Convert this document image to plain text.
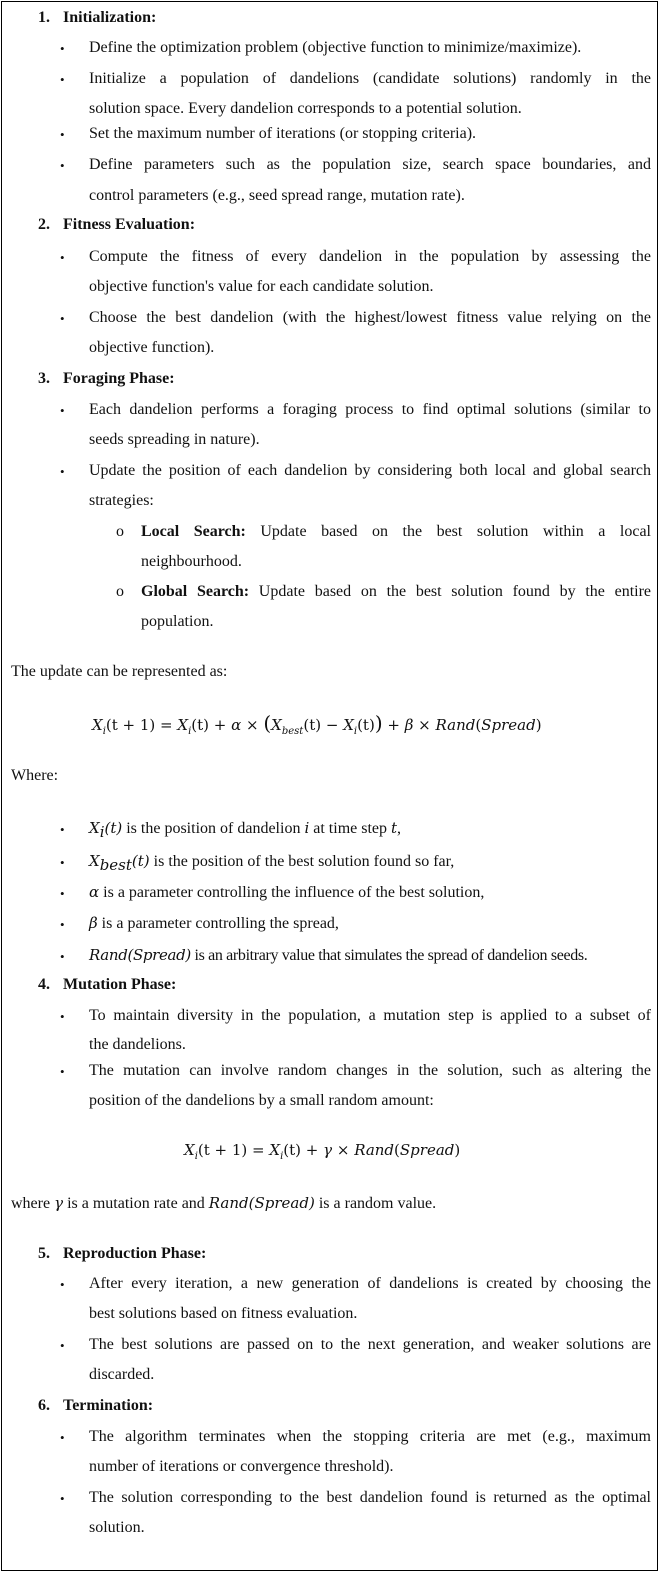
1. Initialization:
• Define the optimization problem (objective function to minimize/maximize).
• Initialize a population of dandelions (candidate solutions) randomly in the
solution space. Every dandelion corresponds to a potential solution.
• Set the maximum number of iterations (or stopping criteria).
• Define parameters such as the population size, search space boundaries, and
control parameters (e.g., seed spread range, mutation rate).
2. Fitness Evaluation:
• Compute the fitness of every dandelion in the population by assessing the
objective function's value for each candidate solution.
• Choose the best dandelion (with the highest/lowest fitness value relying on the
objective function).
3. Foraging Phase:
• Each dandelion performs a foraging process to find optimal solutions (similar to
seeds spreading in nature).
• Update the position of each dandelion by considering both local and global search
strategies:
o Local Search: Update based on the best solution within a local
neighbourhood.
o Global Search: Update based on the best solution found by the entire
population.
The update can be represented as:
$X_i(t + 1) = X_i(t) + \alpha \times (X_{best}(t) - X_i(t)) + \beta$ × Rand(Spread)
Where:
• $X_i(t)$ is the position of dandelion i at time step t,
• $X_{best}(t)$ is the position of the best solution found so far,
• α is a parameter controlling the influence of the best solution,
• β is a parameter controlling the spread,
• Rand(Spread) is an arbitrary value that simulates the spread of dandelion seeds.
4. Mutation Phase:
• To maintain diversity in the population, a mutation step is applied to a subset of
the dandelions.
• The mutation can involve random changes in the solution, such as altering the
position of the dandelions by a small random amount:
$X_i(t + 1) = X_i(t) + \gamma$ × Rand(Spread)
where γ is a mutation rate and Rand(Spread) is a random value.
5. Reproduction Phase:
• After every iteration, a new generation of dandelions is created by choosing the
best solutions based on fitness evaluation.
• The best solutions are passed on to the next generation, and weaker solutions are
discarded.
6. Termination:
• The algorithm terminates when the stopping criteria are met (e.g., maximum
number of iterations or convergence threshold).
• The solution corresponding to the best dandelion found is returned as the optimal
solution.
